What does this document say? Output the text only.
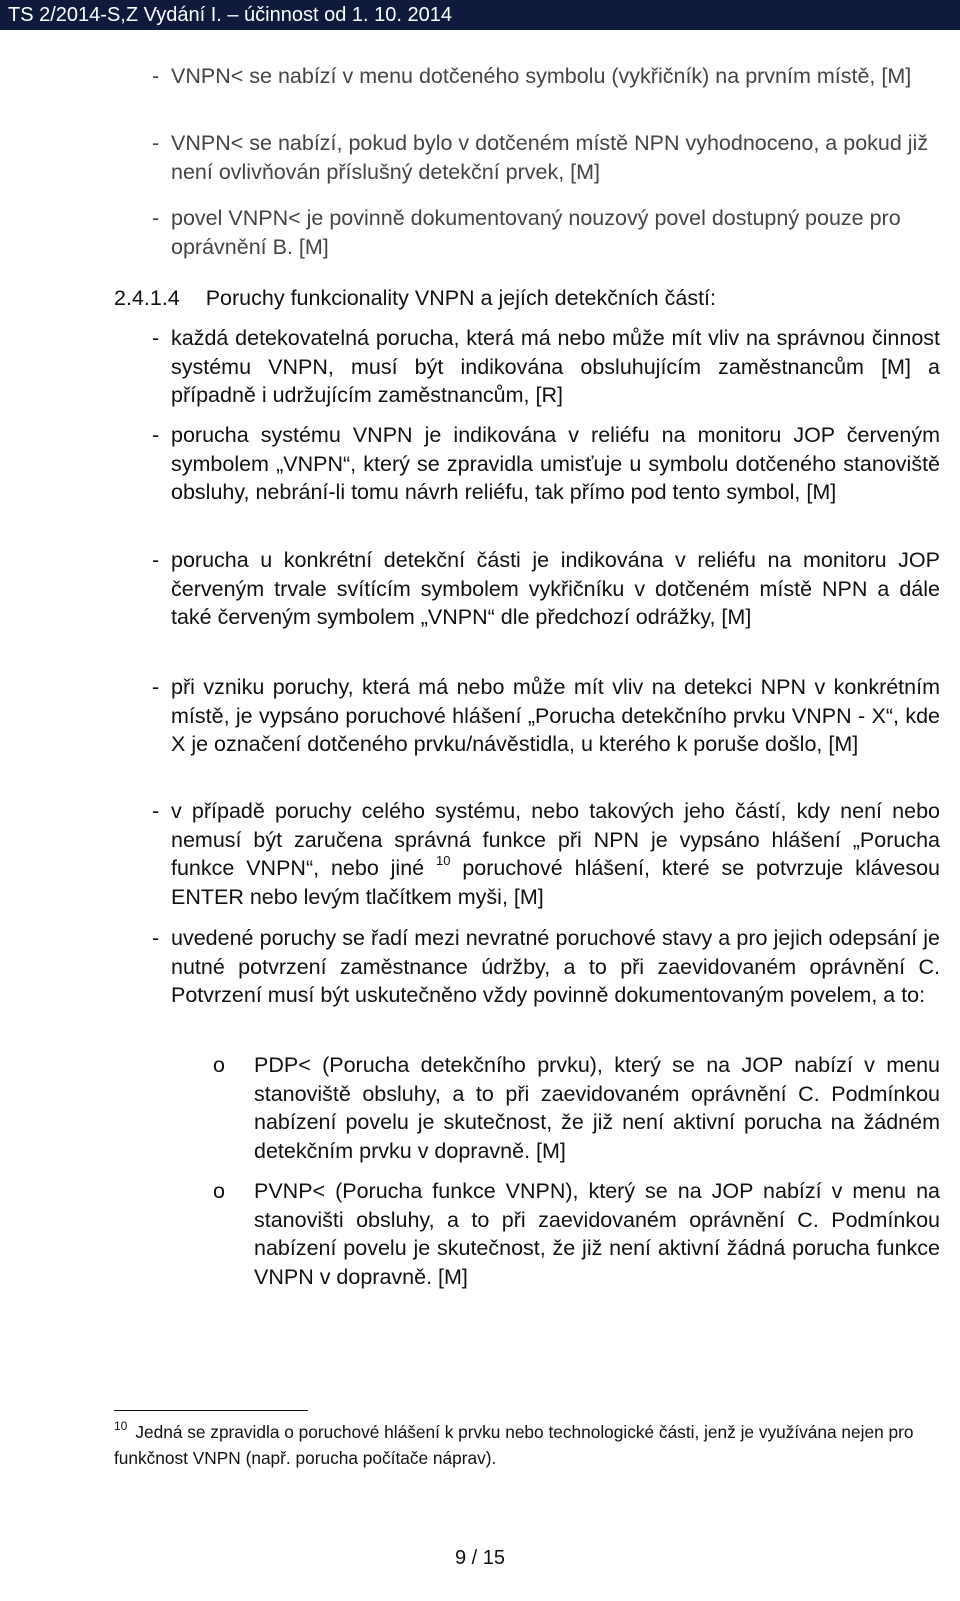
TS 2/2014-S,Z Vydání I. – účinnost od 1. 10. 2014
- VNPN< se nabízí v menu dotčeného symbolu (vykřičník) na prvním místě, [M]
- VNPN< se nabízí, pokud bylo v dotčeném místě NPN vyhodnoceno, a pokud již není ovlivňován příslušný detekční prvek, [M]
- povel VNPN< je povinně dokumentovaný nouzový povel dostupný pouze pro oprávnění B. [M]
2.4.1.4 Poruchy funkcionality VNPN a jejích detekčních částí:
- každá detekovatelná porucha, která má nebo může mít vliv na správnou činnost systému VNPN, musí být indikována obsluhujícím zaměstnancům [M] a případně i udržujícím zaměstnancům, [R]
- porucha systému VNPN je indikována v reliéfu na monitoru JOP červeným symbolem „VNPN“, který se zpravidla umisťuje u symbolu dotčeného stanoviště obsluhy, nebrání-li tomu návrh reliéfu, tak přímo pod tento symbol, [M]
- porucha u konkrétní detekční části je indikována v reliéfu na monitoru JOP červeným trvale svítícím symbolem vykřičníku v dotčeném místě NPN a dále také červeným symbolem „VNPN“ dle předchozí odrážky, [M]
- při vzniku poruchy, která má nebo může mít vliv na detekci NPN v konkrétním místě, je vypsáno poruchové hlášení „Porucha detekčního prvku VNPN - X“, kde X je označení dotčeného prvku/návěstidla, u kterého k poruše došlo, [M]
- v případě poruchy celého systému, nebo takových jeho částí, kdy není nebo nemusí být zaručena správná funkce při NPN je vypsáno hlášení „Porucha funkce VNPN“, nebo jiné $^{10}$ poruchové hlášení, které se potvrzuje klávesou ENTER nebo levým tlačítkem myši, [M]
- uvedené poruchy se řadí mezi nevratné poruchové stavy a pro jejich odepsání je nutné potvrzení zaměstnance údržby, a to při zaevidovaném oprávnění C. Potvrzení musí být uskutečněno vždy povinně dokumentovaným povelem, a to:
o PDP< (Porucha detekčního prvku), který se na JOP nabízí v menu stanoviště obsluhy, a to při zaevidovaném oprávnění C. Podmínkou nabízení povelu je skutečnost, že již není aktivní porucha na žádném detekčním prvku v dopravně. [M]
o PVNP< (Porucha funkce VNPN), který se na JOP nabízí v menu na stanovišti obsluhy, a to při zaevidovaném oprávnění C. Podmínkou nabízení povelu je skutečnost, že již není aktivní žádná porucha funkce VNPN v dopravně. [M]
$^{10}$ Jedná se zpravidla o poruchové hlášení k prvku nebo technologické části, jenž je využívána nejen pro funkčnost VNPN (např. porucha počítače náprav).
9 / 15
